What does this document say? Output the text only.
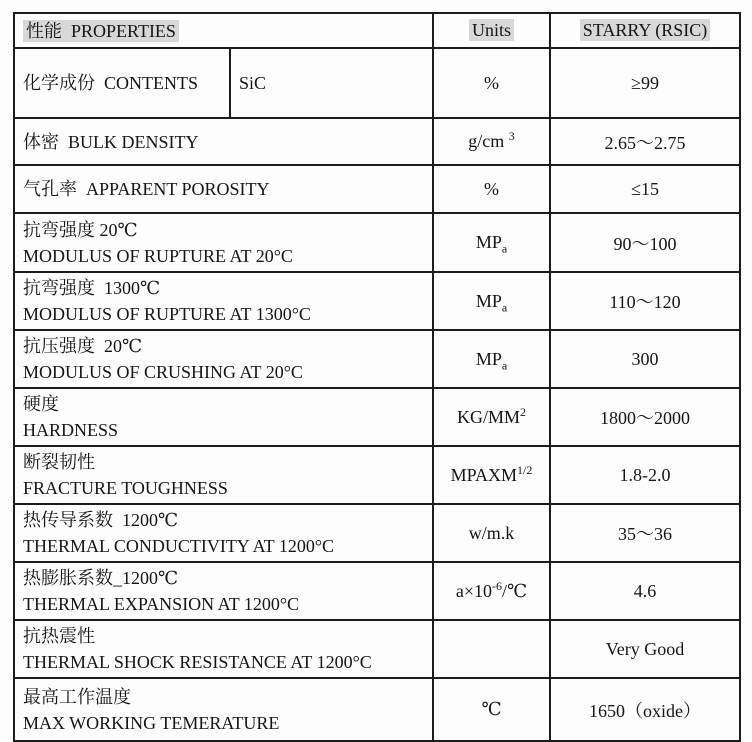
性能  PROPERTIES		Units	STARRY (RSIC)

化学成份  CONTENTS	SiC	%	≥99

体密  BULK DENSITY		g/cm $^3$	2.65～2.75

气孔率  APPARENT POROSITY		%	≤15

抗弯强度 20℃
MODULUS OF RUPTURE AT 20°C		$MP_a$	90～100

抗弯强度  1300℃
MODULUS OF RUPTURE AT 1300°C		$MP_a$	110～120

抗压强度  20℃
MODULUS OF CRUSHING AT 20°C		$MP_a$	300

硬度
HARDNESS		$KG/MM^2$	1800～2000

断裂韧性
FRACTURE TOUGHNESS		$MPAXM^{1/2}$	1.8-2.0

热传导系数  1200℃
THERMAL CONDUCTIVITY AT 1200°C		w/m.k	35～36

热膨胀系数_1200℃
THERMAL EXPANSION AT 1200°C		$a\times 10^{-6}/℃$	4.6

抗热震性
THERMAL SHOCK RESISTANCE AT 1200°C			Very Good

最高工作温度
MAX WORKING TEMERATURE		℃	1650（oxide）
